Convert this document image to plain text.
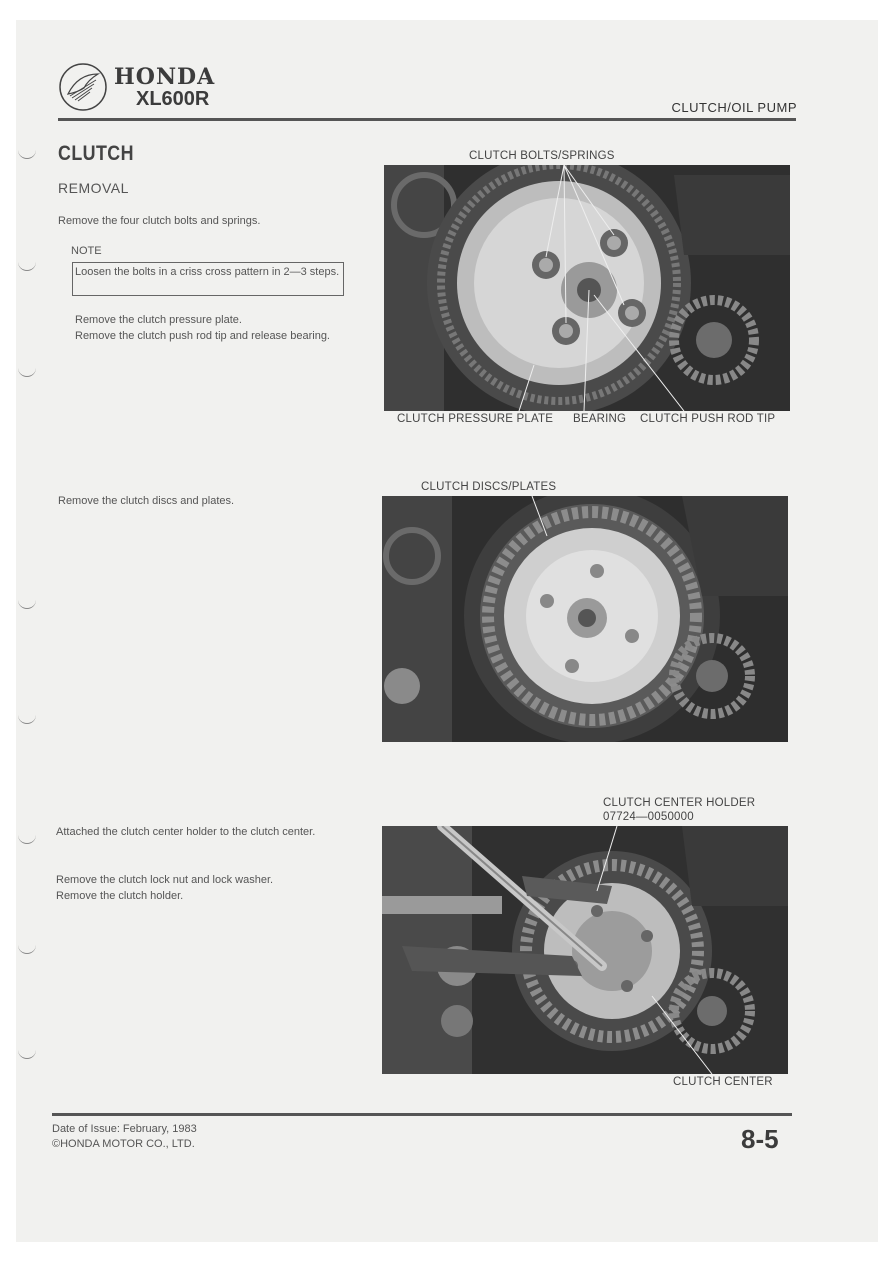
HONDA
XL600R	CLUTCH/OIL PUMP
CLUTCH
REMOVAL
Remove the four clutch bolts and springs.
NOTE
Loosen the bolts in a criss cross pattern in 2—3 steps.
Remove the clutch pressure plate.
Remove the clutch push rod tip and release bearing.
Remove the clutch discs and plates.
Attached the clutch center holder to the clutch center.
Remove the clutch lock nut and lock washer.
Remove the clutch holder.
CLUTCH BOLTS/SPRINGS
CLUTCH PRESSURE PLATE BEARING CLUTCH PUSH ROD TIP
CLUTCH DISCS/PLATES
CLUTCH CENTER HOLDER
07724—0050000
CLUTCH CENTER
Date of Issue: February, 1983
©HONDA MOTOR CO., LTD.	8-5
